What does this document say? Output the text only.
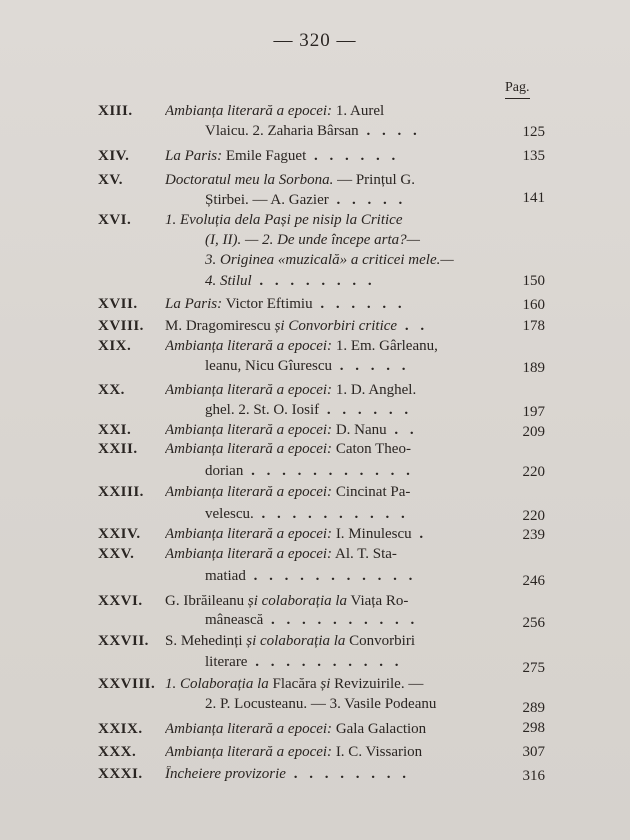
— 320 —
Pag.
XIII. Ambianța literară a epocei: 1. Aurel
Vlaicu. 2. Zaharia Bârsan . . . .	125
XIV. La Paris: Emile Faguet . . . . . .	135
XV.	Doctoratul meu la Sorbona. — Prințul G.
Știrbei. — A. Gazier . . . . .	141
XVI. 1. Evoluția dela Pași pe nisip la Critice
(I, II). — 2. De unde începe arta?—
3. Originea «muzicală» a criticei mele.—
4. Stilul . . . . . . . .	150
XVII. La Paris: Victor Eftimiu . . . . . .	160
XVIII. M. Dragomirescu și Convorbiri critice . .	178
XIX. Ambianța literară a epocei: 1. Em. Gârleanu,
leanu, Nicu Gîurescu . . . . .	189
XX.	Ambianța literară a epocei: 1. D. Anghel.
ghel. 2. St. O. Iosif . . . . . .	197
XXI. Ambianța literară a epocei: D. Nanu . .	209
XXII. Ambianța literară a epocei: Caton Theo-
dorian . . . . . . . . . . .	220
XXIII. Ambianța literară a epocei: Cincinat Pa-
velescu. . . . . . . . . . .	220
XXIV. Ambianța literară a epocei: I. Minulescu .	239
XXV. Ambianța literară a epocei: Al. T. Sta-
matiad . . . . . . . . . . .	246
XXVI. G. Ibrăileanu și colaborația la Viața Ro-
mânească . . . . . . . . . .	256
XXVII. S. Mehedinți și colaborația la Convorbiri
literare . . . . . . . . . .	275
XXVIII. 1. Colaborația la Flacăra și Revizuirile. —
2. P. Locusteanu. — 3. Vasile Podeanu	289
XXIX. Ambianța literară a epocei: Gala Galaction	298
XXX. Ambianța literară a epocei: I. C. Vissarion	307
XXXI. Încheiere provizorie . . . . . . . .	316
